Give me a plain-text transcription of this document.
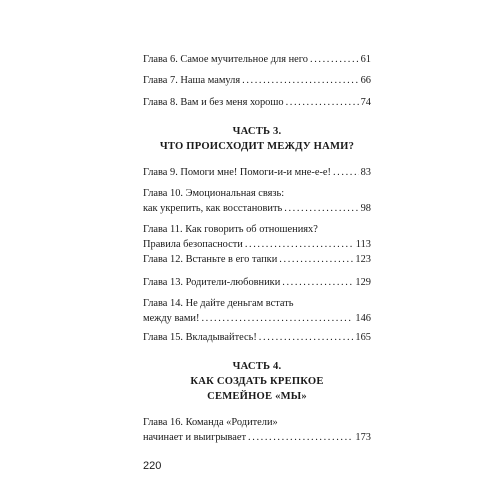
Глава 6. Самое мучительное для него .....	61
Глава 7. Наша мамуля .....	66
Глава 8. Вам и без меня хорошо .....	74
ЧАСТЬ 3.
ЧТО ПРОИСХОДИТ МЕЖДУ НАМИ?
Глава 9. Помоги мне! Помоги-и-и мне-е-е! .....	83
Глава 10. Эмоциональная связь:
как укрепить, как восстановить .....	98
Глава 11. Как говорить об отношениях?
Правила безопасности .....	113
Глава 12. Встаньте в его тапки .....	123
Глава 13. Родители-любовники .....	129
Глава 14. Не дайте деньгам встать
между вами! .....	146
Глава 15. Вкладывайтесь! .....	165
ЧАСТЬ 4.
КАК СОЗДАТЬ КРЕПКОЕ
СЕМЕЙНОЕ «МЫ»
Глава 16. Команда «Родители»
начинает и выигрывает .....	173
220
